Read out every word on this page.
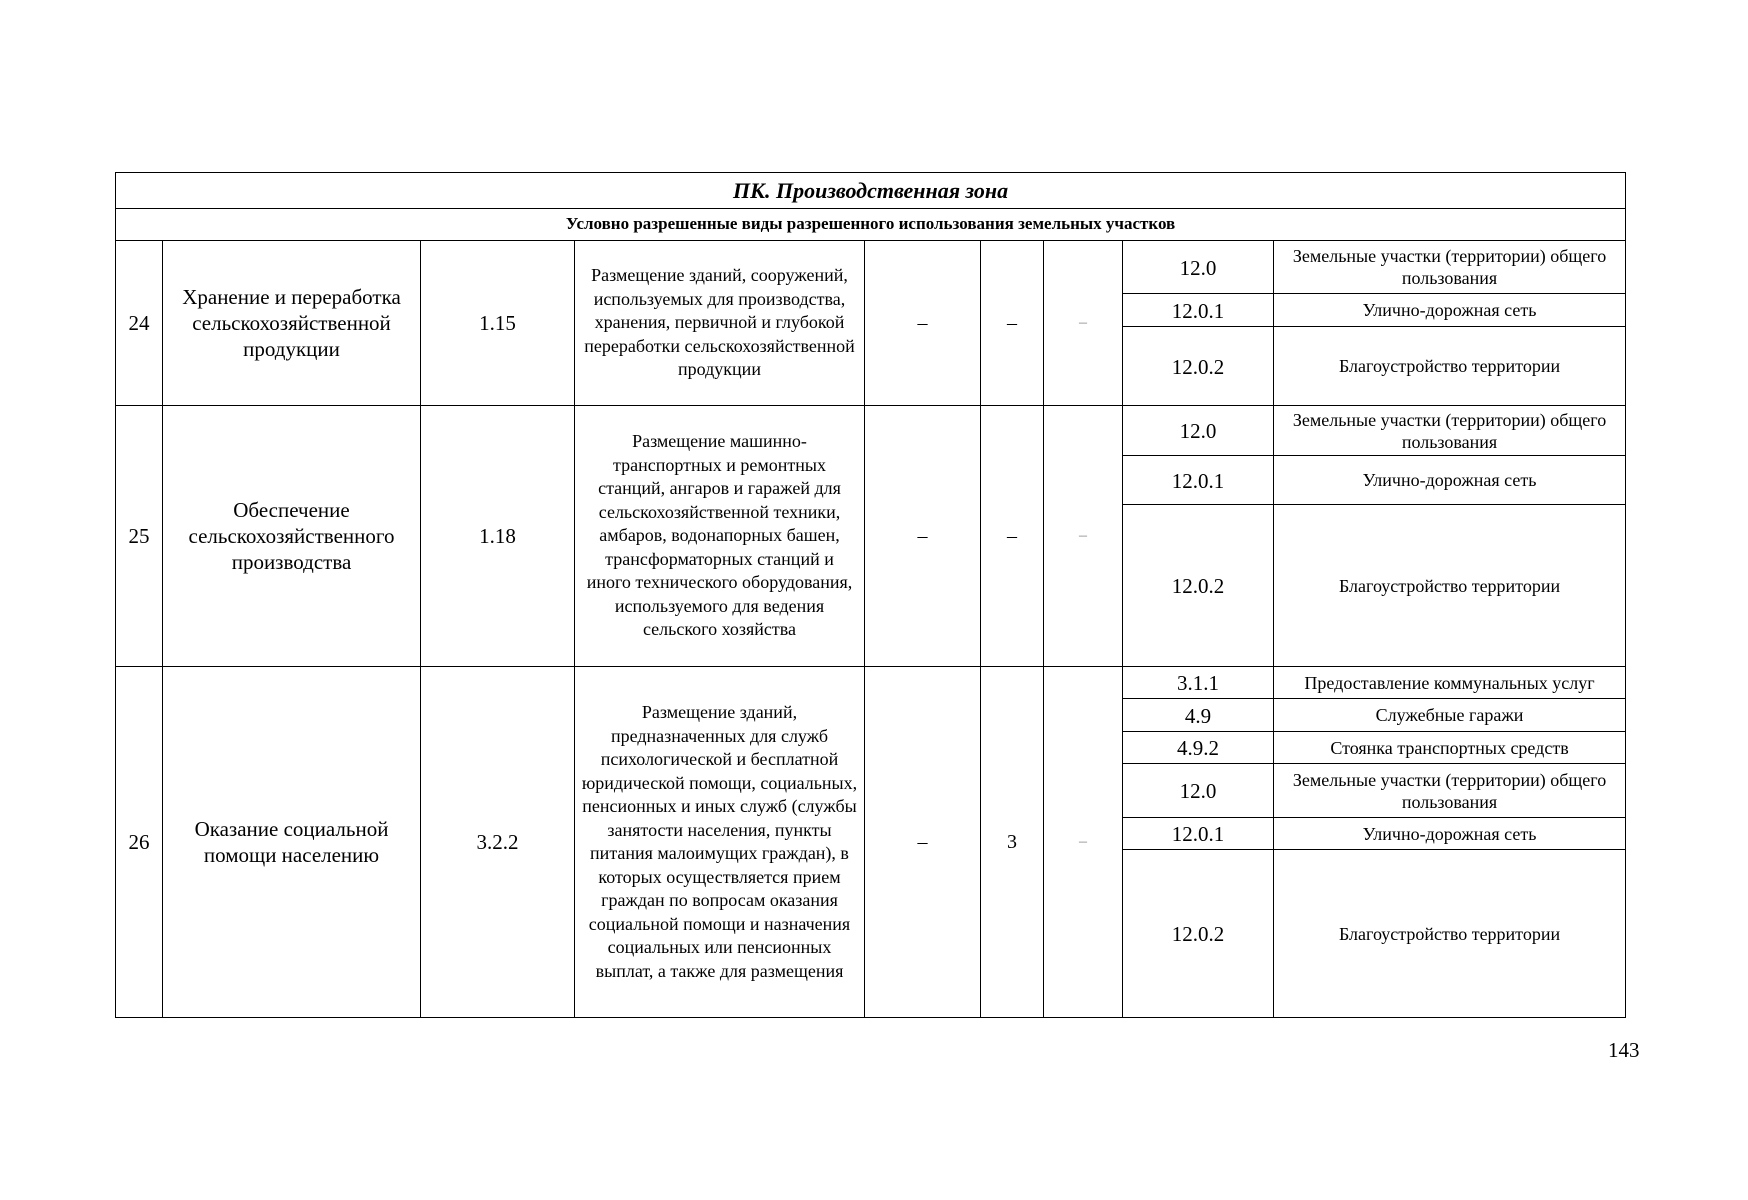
ПК. Производственная зона								
Условно разрешенные виды разрешенного использования земельных участков								
24	Хранение и переработка сельскохозяйственной продукции	1.15	Размещение зданий, сооружений, используемых для производства, хранения, первичной и глубокой переработки сельскохозяйственной продукции	–	–	–	12.0	Земельные участки (территории) общего пользования
							12.0.1	Улично-дорожная сеть
							12.0.2	Благоустройство территории
25	Обеспечение сельскохозяйственного производства	1.18	Размещение машинно-транспортных и ремонтных станций, ангаров и гаражей для сельскохозяйственной техники, амбаров, водонапорных башен, трансформаторных станций и иного технического оборудования, используемого для ведения сельского хозяйства	–	–	–	12.0	Земельные участки (территории) общего пользования
							12.0.1	Улично-дорожная сеть
							12.0.2	Благоустройство территории
26	Оказание социальной помощи населению	3.2.2	Размещение зданий, предназначенных для служб психологической и бесплатной юридической помощи, социальных, пенсионных и иных служб (службы занятости населения, пункты питания малоимущих граждан), в которых осуществляется прием граждан по вопросам оказания социальной помощи и назначения социальных или пенсионных выплат, а также для размещения	–	3	–	3.1.1	Предоставление коммунальных услуг
							4.9	Служебные гаражи
							4.9.2	Стоянка транспортных средств
							12.0	Земельные участки (территории) общего пользования
							12.0.1	Улично-дорожная сеть
							12.0.2	Благоустройство территории
143
